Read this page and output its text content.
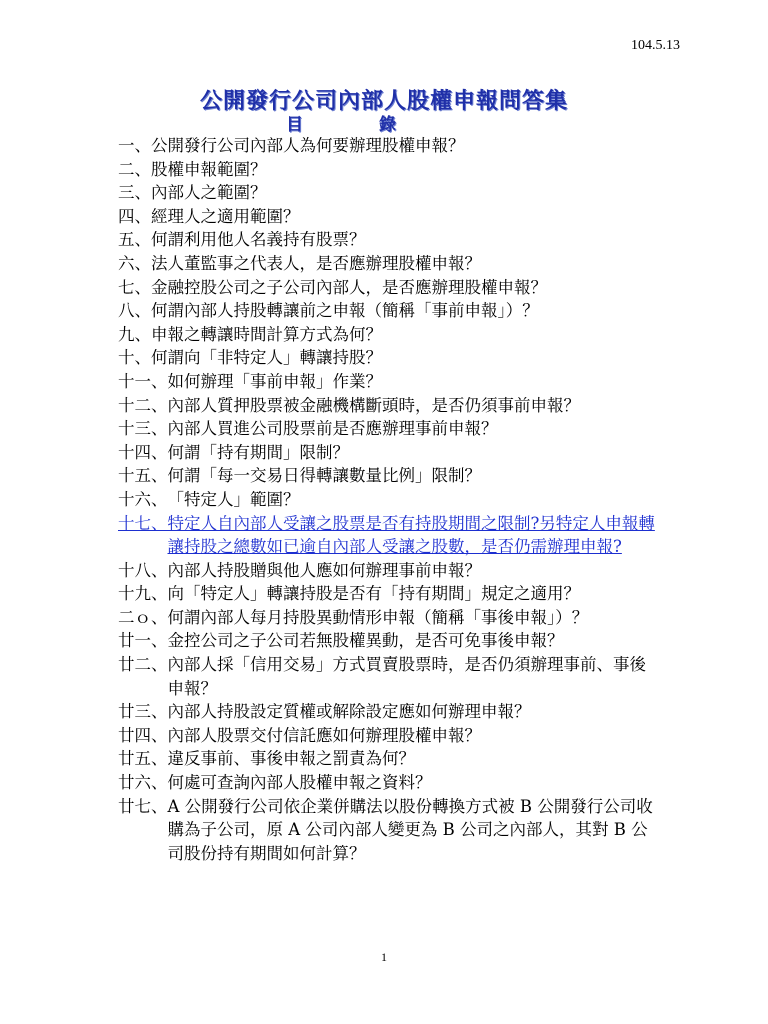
104.5.13
公開發行公司內部人股權申報問答集
目	錄
一、 公開發行公司內部人為何要辦理股權申報？
二、 股權申報範圍？
三、 內部人之範圍？
四、 經理人之適用範圍？
五、 何謂利用他人名義持有股票？
六、 法人董監事之代表人，是否應辦理股權申報？
七、 金融控股公司之子公司內部人，是否應辦理股權申報？
八、 何謂內部人持股轉讓前之申報（簡稱「事前申報」）？
九、 申報之轉讓時間計算方式為何？
十、 何謂向「非特定人」轉讓持股？
十一、 如何辦理「事前申報」作業？
十二、 內部人質押股票被金融機構斷頭時，是否仍須事前申報？
十三、 內部人買進公司股票前是否應辦理事前申報？
十四、 何謂「持有期間」限制？
十五、 何謂「每一交易日得轉讓數量比例」限制？
十六、 「特定人」範圍？
十七、 特定人自內部人受讓之股票是否有持股期間之限制?另特定人申報轉讓持股之總數如已逾自內部人受讓之股數，是否仍需辦理申報?
十八、 內部人持股贈與他人應如何辦理事前申報？
十九、 向「特定人」轉讓持股是否有「持有期間」規定之適用？
二ｏ、 何謂內部人每月持股異動情形申報（簡稱「事後申報」）？
廿一、 金控公司之子公司若無股權異動，是否可免事後申報？
廿二、 內部人採「信用交易」方式買賣股票時，是否仍須辦理事前、事後申報？
廿三、 內部人持股設定質權或解除設定應如何辦理申報？
廿四、 內部人股票交付信託應如何辦理股權申報？
廿五、 違反事前、事後申報之罰責為何？
廿六、 何處可查詢內部人股權申報之資料？
廿七、 A 公開發行公司依企業併購法以股份轉換方式被 B 公開發行公司收購為子公司，原 A 公司內部人變更為 B 公司之內部人，其對 B 公司股份持有期間如何計算？
1
